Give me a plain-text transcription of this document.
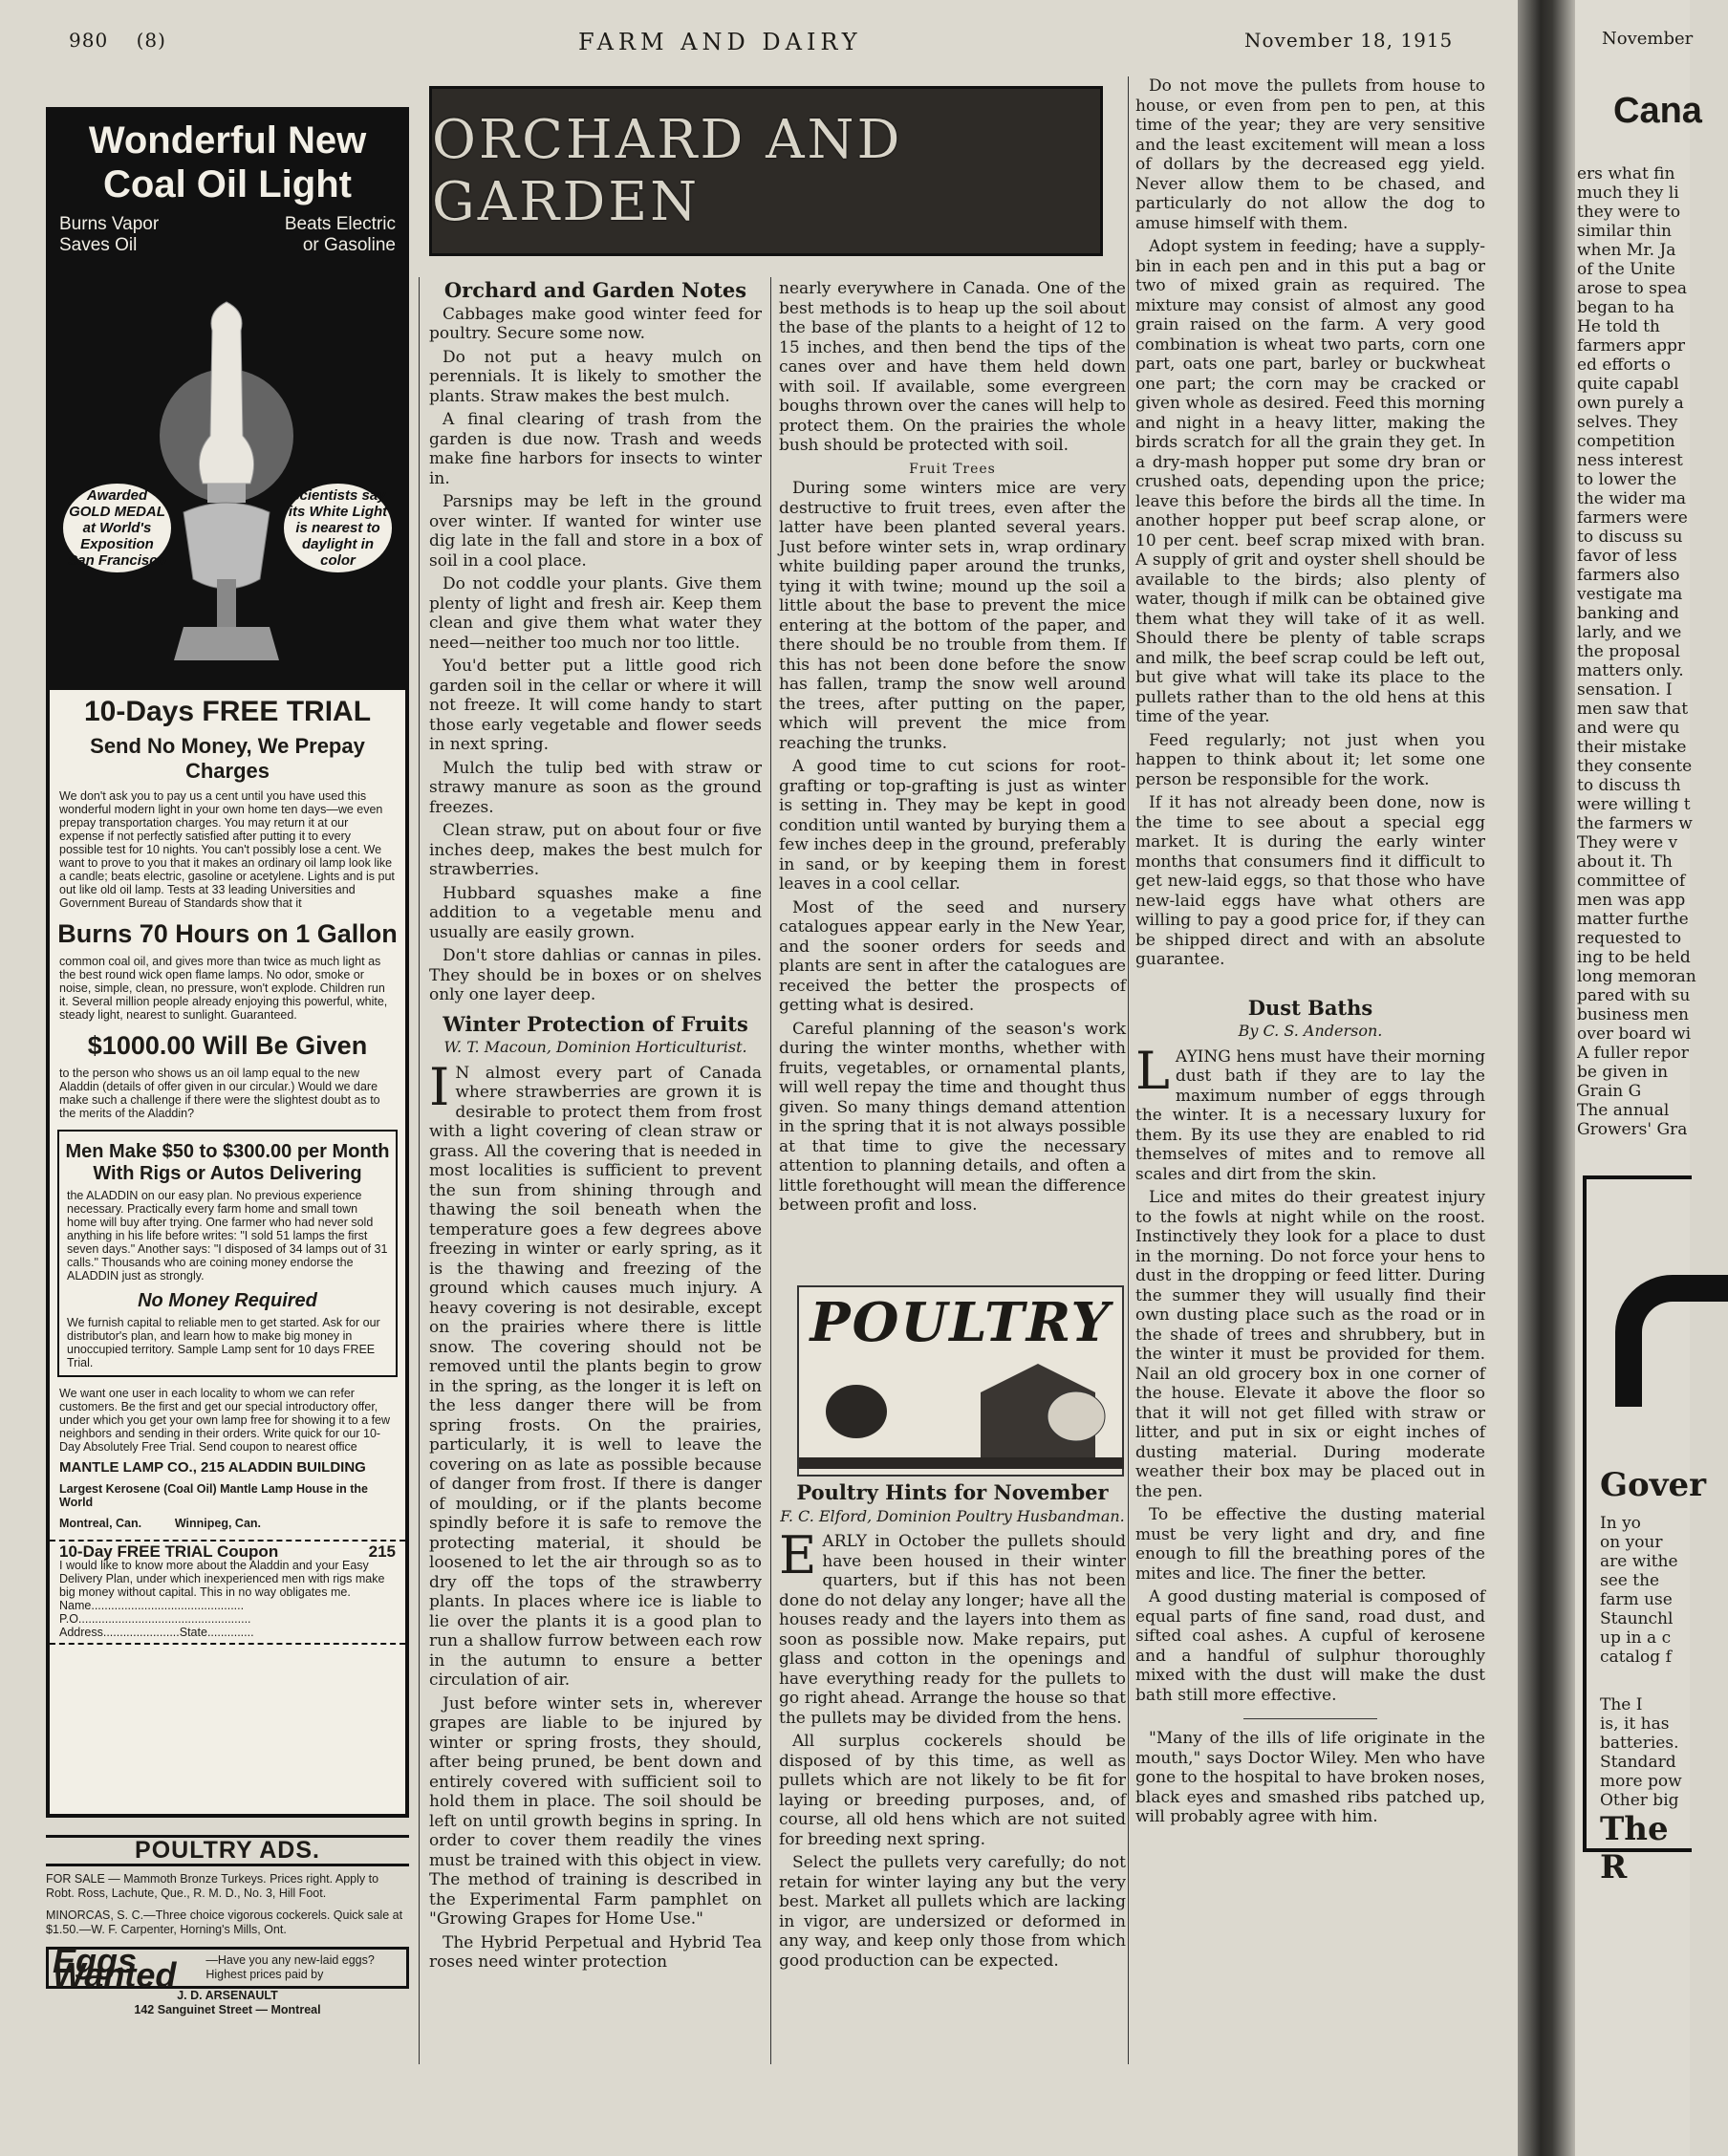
980 (8)	FARM AND DAIRY	November 18, 1915

Wonderful New

Coal Oil Light

Burns Vapor
Saves Oil
Beats Electric
or Gasoline
Awarded GOLD MEDAL at World's Exposition San Francisco
Scientists say its White Light is nearest to daylight in color
10-Days FREE TRIAL
Send No Money, We Prepay Charges
We don't ask you to pay us a cent until you have used this wonderful modern light in your own home ten days—we even prepay transportation charges. You may return it at our expense if not perfectly satisfied after putting it to every possible test for 10 nights. You can't possibly lose a cent. We want to prove to you that it makes an ordinary oil lamp look like a candle; beats electric, gasoline or acetylene. Lights and is put out like old oil lamp. Tests at 33 leading Universities and Government Bureau of Standards show that it
Burns 70 Hours on 1 Gallon
common coal oil, and gives more than twice as much light as the best round wick open flame lamps. No odor, smoke or noise, simple, clean, no pressure, won't explode. Children run it. Several million people already enjoying this powerful, white, steady light, nearest to sunlight. Guaranteed.
$1000.00 Will Be Given
to the person who shows us an oil lamp equal to the new Aladdin (details of offer given in our circular.) Would we dare make such a challenge if there were the slightest doubt as to the merits of the Aladdin?
Men Make $50 to $300.00 per Month With Rigs or Autos Delivering
the ALADDIN on our easy plan. No previous experience necessary. Practically every farm home and small town home will buy after trying. One farmer who had never sold anything in his life before writes: "I sold 51 lamps the first seven days." Another says: "I disposed of 34 lamps out of 31 calls." Thousands who are coining money endorse the ALADDIN just as strongly.
No Money Required
We furnish capital to reliable men to get started. Ask for our distributor's plan, and learn how to make big money in unoccupied territory. Sample Lamp sent for 10 days FREE Trial.
We want one user in each locality to whom we can refer customers. Be the first and get our special introductory offer, under which you get your own lamp free for showing it to a few neighbors and sending in their orders. Write quick for our 10-Day Absolutely Free Trial. Send coupon to nearest office
MANTLE LAMP CO., 215 ALADDIN BUILDING
Largest Kerosene (Coal Oil) Mantle Lamp House in the World
Montreal, Can.          Winnipeg, Can.
10-Day FREE TRIAL Coupon	215
I would like to know more about the Aladdin and your Easy Delivery Plan, under which inexperienced men with rigs make big money without capital. This in no way obligates me.
Name..............................................
P.O....................................................
Address.......................State..............
POULTRY ADS.

FOR SALE — Mammoth Bronze Turkeys. Prices right. Apply to Robt. Ross, Lachute, Que., R. M. D., No. 3, Hill Foot.

MINORCAS, S. C.—Three choice vigorous cockerels. Quick sale at $1.50.—W. F. Carpenter, Horning's Mills, Ont.

Eggs Wanted	—Have you any new-laid eggs? Highest prices paid by
J. D. ARSENAULT
142 Sanguinet Street — Montreal
ORCHARD AND GARDEN
Orchard and Garden Notes

Cabbages make good winter feed for poultry. Secure some now.

Do not put a heavy mulch on perennials. It is likely to smother the plants. Straw makes the best mulch.

A final clearing of trash from the garden is due now. Trash and weeds make fine harbors for insects to winter in.

Parsnips may be left in the ground over winter. If wanted for winter use dig late in the fall and store in a box of soil in a cool place.

Do not coddle your plants. Give them plenty of light and fresh air. Keep them clean and give them what water they need—neither too much nor too little.

You'd better put a little good rich garden soil in the cellar or where it will not freeze. It will come handy to start those early vegetable and flower seeds in next spring.

Mulch the tulip bed with straw or strawy manure as soon as the ground freezes.

Clean straw, put on about four or five inches deep, makes the best mulch for strawberries.

Hubbard squashes make a fine addition to a vegetable menu and usually are easily grown.

Don't store dahlias or cannas in piles. They should be in boxes or on shelves only one layer deep.

Winter Protection of Fruits
W. T. Macoun, Dominion Horticulturist.

I N almost every part of Canada where strawberries are grown it is desirable to protect them from frost with a light covering of clean straw or grass. All the covering that is needed in most localities is sufficient to prevent the sun from shining through and thawing the soil beneath when the temperature goes a few degrees above freezing in winter or early spring, as it is the thawing and freezing of the ground which causes much injury. A heavy covering is not desirable, except on the prairies where there is little snow. The covering should not be removed until the plants begin to grow in the spring, as the longer it is left on the less danger there will be from spring frosts. On the prairies, particularly, it is well to leave the covering on as late as possible because of danger from frost. If there is danger of moulding, or if the plants become spindly before it is safe to remove the protecting material, it should be loosened to let the air through so as to dry off the tops of the strawberry plants. In places where ice is liable to lie over the plants it is a good plan to run a shallow furrow between each row in the autumn to ensure a better circulation of air.

Just before winter sets in, wherever grapes are liable to be injured by winter or spring frosts, they should, after being pruned, be bent down and entirely covered with sufficient soil to hold them in place. The soil should be left on until growth begins in spring. In order to cover them readily the vines must be trained with this object in view. The method of training is described in the Experimental Farm pamphlet on "Growing Grapes for Home Use."

The Hybrid Perpetual and Hybrid Tea roses need winter protection

nearly everywhere in Canada. One of the best methods is to heap up the soil about the base of the plants to a height of 12 to 15 inches, and then bend the tips of the canes over and have them held down with soil. If available, some evergreen boughs thrown over the canes will help to protect them. On the prairies the whole bush should be protected with soil.

Fruit Trees

During some winters mice are very destructive to fruit trees, even after the latter have been planted several years. Just before winter sets in, wrap ordinary white building paper around the trunks, tying it with twine; mound up the soil a little about the base to prevent the mice entering at the bottom of the paper, and there should be no trouble from them. If this has not been done before the snow has fallen, tramp the snow well around the trees, after putting on the paper, which will prevent the mice from reaching the trunks.

A good time to cut scions for root-grafting or top-grafting is just as winter is setting in. They may be kept in good condition until wanted by burying them a few inches deep in the ground, preferably in sand, or by keeping them in forest leaves in a cool cellar.

Most of the seed and nursery catalogues appear early in the New Year, and the sooner orders for seeds and plants are sent in after the catalogues are received the better the prospects of getting what is desired.

Careful planning of the season's work during the winter months, whether with fruits, vegetables, or ornamental plants, will well repay the time and thought thus given. So many things demand attention in the spring that it is not always possible at that time to give the necessary attention to planning details, and often a little forethought will mean the difference between profit and loss.

POULTRY
Poultry Hints for November
F. C. Elford, Dominion Poultry Husbandman.

EARLY in October the pullets should have been housed in their winter quarters, but if this has not been done do not delay any longer; have all the houses ready and the layers into them as soon as possible now. Make repairs, put glass and cotton in the openings and have everything ready for the pullets to go right ahead. Arrange the house so that the pullets may be divided from the hens.

All surplus cockerels should be disposed of by this time, as well as pullets which are not likely to be fit for laying or breeding purposes, and, of course, all old hens which are not suited for breeding next spring.

Select the pullets very carefully; do not retain for winter laying any but the very best. Market all pullets which are lacking in vigor, are undersized or deformed in any way, and keep only those from which good production can be expected.

Do not move the pullets from house to house, or even from pen to pen, at this time of the year; they are very sensitive and the least excitement will mean a loss of dollars by the decreased egg yield. Never allow them to be chased, and particularly do not allow the dog to amuse himself with them.

Adopt system in feeding; have a supply-bin in each pen and in this put a bag or two of mixed grain as required. The mixture may consist of almost any good grain raised on the farm. A very good combination is wheat two parts, corn one part, oats one part, barley or buckwheat one part; the corn may be cracked or given whole as desired. Feed this morning and night in a heavy litter, making the birds scratch for all the grain they get. In a dry-mash hopper put some dry bran or crushed oats, depending upon the price; leave this before the birds all the time. In another hopper put beef scrap alone, or 10 per cent. beef scrap mixed with bran. A supply of grit and oyster shell should be available to the birds; also plenty of water, though if milk can be obtained give them what they will take of it as well. Should there be plenty of table scraps and milk, the beef scrap could be left out, but give what will take its place to the pullets rather than to the old hens at this time of the year.

Feed regularly; not just when you happen to think about it; let some one person be responsible for the work.

If it has not already been done, now is the time to see about a special egg market. It is during the early winter months that consumers find it difficult to get new-laid eggs, so that those who have new-laid eggs have what others are willing to pay a good price for, if they can be shipped direct and with an absolute guarantee.

Dust Baths
By C. S. Anderson.

LAYING hens must have their morning dust bath if they are to lay the maximum number of eggs through the winter. It is a necessary luxury for them. By its use they are enabled to rid themselves of mites and to remove all scales and dirt from the skin.

Lice and mites do their greatest injury to the fowls at night while on the roost. Instinctively they look for a place to dust in the morning. Do not force your hens to dust in the dropping or feed litter. During the summer they will usually find their own dusting place such as the road or in the shade of trees and shrubbery, but in the winter it must be provided for them. Nail an old grocery box in one corner of the house. Elevate it above the floor so that it will not get filled with straw or litter, and put in six or eight inches of dusting material. During moderate weather their box may be placed out in the pen.

To be effective the dusting material must be very light and dry, and fine enough to fill the breathing pores of the mites and lice. The finer the better.

A good dusting material is composed of equal parts of fine sand, road dust, and sifted coal ashes. A cupful of kerosene and a handful of sulphur thoroughly mixed with the dust will make the dust bath still more effective.

"Many of the ills of life originate in the mouth," says Doctor Wiley. Men who have gone to the hospital to have broken noses, black eyes and smashed ribs patched up, will probably agree with him.

November
Cana
ers what fin
much they li
they were to
similar thin
when Mr. Ja
of the Unite
arose to spea
began to ha
He told th
farmers appr
ed efforts o
quite capabl
own purely a
selves. They
competition
ness interest
to lower the
the wider ma
farmers were
to discuss su
favor of less
farmers also
vestigate ma
banking and
larly, and we
the proposal
matters only.
sensation. I
men saw that
and were qu
their mistake
they consente
to discuss th
were willing t
the farmers w
They were v
about it. Th
committee of
men was app
matter furthe
requested to
ing to be held
long memoran
pared with su
business men
over board wi
A fuller repor
be given in
Grain G
The annual
Growers' Gra
Gover
In yo
on your
are withe
see the
farm use
Staunchl
up in a c
catalog f
The I
is, it has
batteries.
Standard
more pow
Other big
The R
